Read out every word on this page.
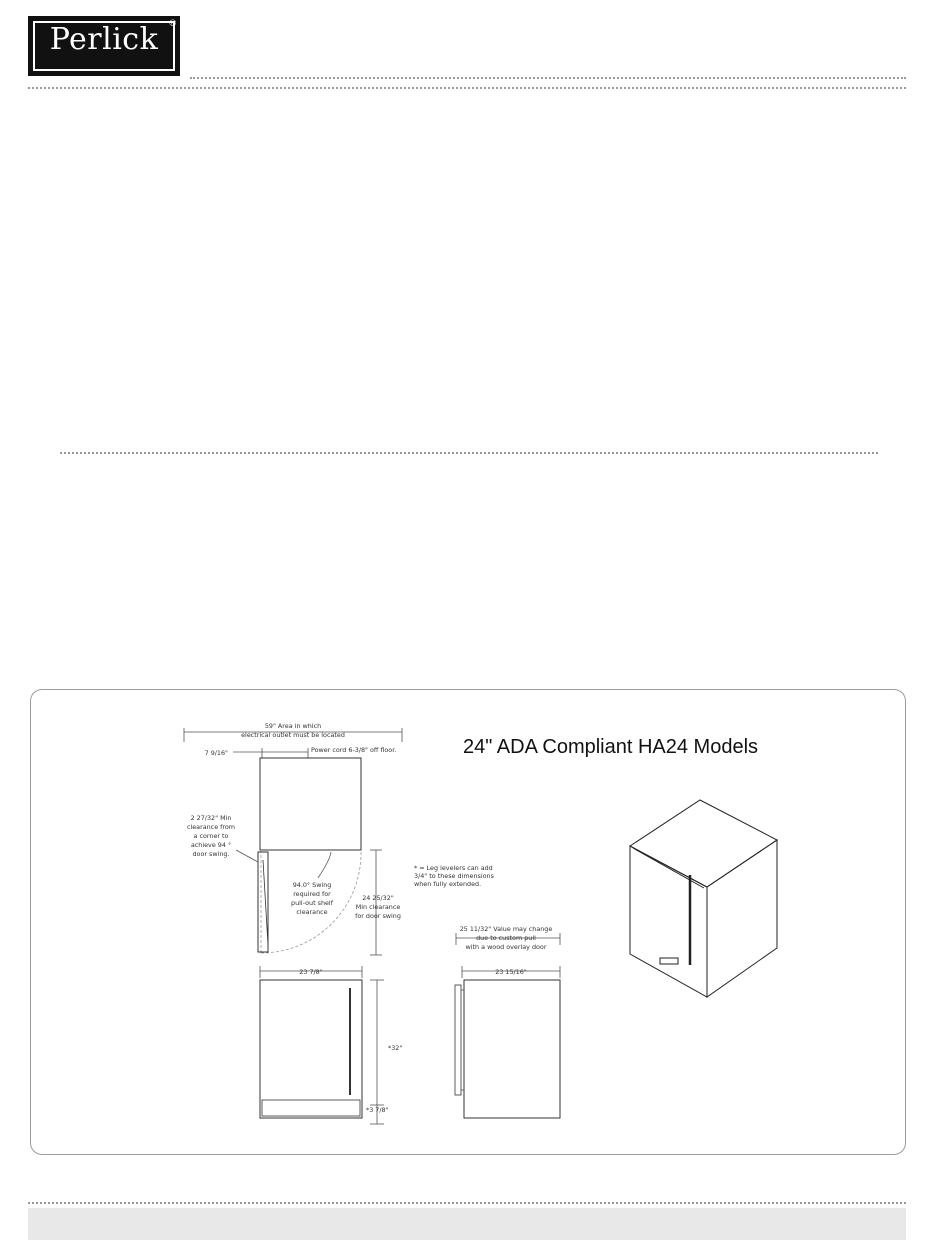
Perlick	®
24" ADA Compliant HA24 Models
59" Area in which
electrical outlet must be located
7 9/16"	Power cord 6-3/8" off floor.
2 27/32" Min
clearance from
a corner to
achieve 94 °
door swing.
94.0° Swing
required for
pull-out shelf
clearance
24 25/32"
Min clearance
for door swing
* = Leg levelers can add
3/4" to these dimensions
when fully extended.
23 7/8"
*32"
*3 7/8"
25 11/32" Value may change
due to custom pull
with a wood overlay door
23 15/16"
